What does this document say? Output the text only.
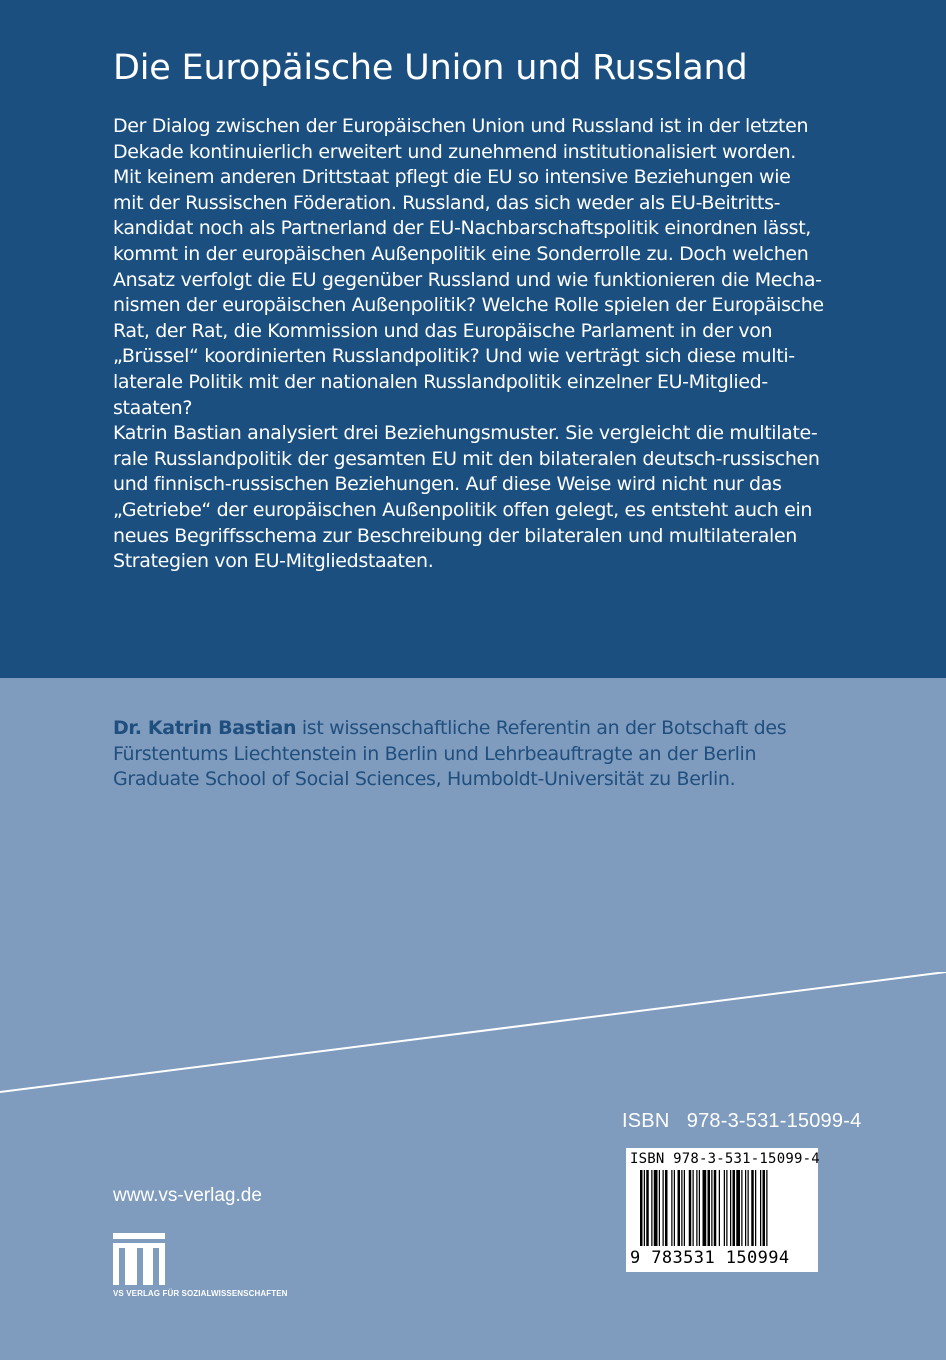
Die Europäische Union und Russland

Der Dialog zwischen der Europäischen Union und Russland ist in der letzten

Dekade kontinuierlich erweitert und zunehmend institutionalisiert worden.

Mit keinem anderen Drittstaat pflegt die EU so intensive Beziehungen wie

mit der Russischen Föderation. Russland, das sich weder als EU-Beitritts-

kandidat noch als Partnerland der EU-Nachbarschaftspolitik einordnen lässt,

kommt in der europäischen Außenpolitik eine Sonderrolle zu. Doch welchen

Ansatz verfolgt die EU gegenüber Russland und wie funktionieren die Mecha-

nismen der europäischen Außenpolitik? Welche Rolle spielen der Europäische

Rat, der Rat, die Kommission und das Europäische Parlament in der von

„Brüssel“ koordinierten Russlandpolitik? Und wie verträgt sich diese multi-

laterale Politik mit der nationalen Russlandpolitik einzelner EU-Mitglied-

staaten?

Katrin Bastian analysiert drei Beziehungsmuster. Sie vergleicht die multilate-

rale Russlandpolitik der gesamten EU mit den bilateralen deutsch-russischen

und finnisch-russischen Beziehungen. Auf diese Weise wird nicht nur das

„Getriebe“ der europäischen Außenpolitik offen gelegt, es entsteht auch ein

neues Begriffsschema zur Beschreibung der bilateralen und multilateralen

Strategien von EU-Mitgliedstaaten.

Dr. Katrin Bastian ist wissenschaftliche Referentin an der Botschaft des
Fürstentums Liechtenstein in Berlin und Lehrbeauftragte an der Berlin
Graduate School of Social Sciences, Humboldt-Universität zu Berlin.
ISBN   978-3-531-15099-4
ISBN 978-3-531-15099-4
9 783531 150994
www.vs-verlag.de
VS VERLAG FÜR SOZIALWISSENSCHAFTEN
